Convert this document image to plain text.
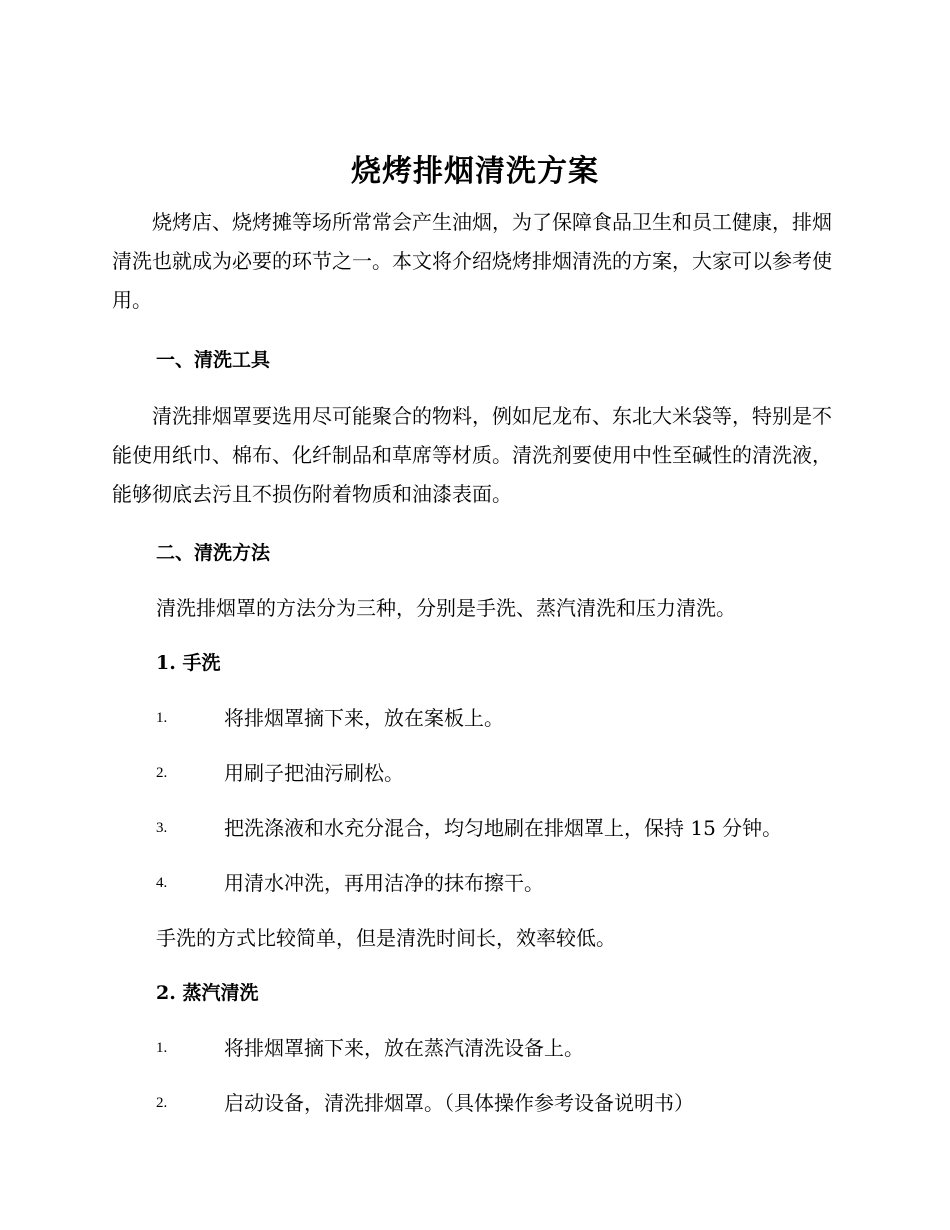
烧烤排烟清洗方案

烧烤店、烧烤摊等场所常常会产生油烟，为了保障食品卫生和员工健康，排烟清洗也就成为必要的环节之一。本文将介绍烧烤排烟清洗的方案，大家可以参考使用。

一、清洗工具

清洗排烟罩要选用尽可能聚合的物料，例如尼龙布、东北大米袋等，特别是不能使用纸巾、棉布、化纤制品和草席等材质。清洗剂要使用中性至碱性的清洗液，能够彻底去污且不损伤附着物质和油漆表面。

二、清洗方法
清洗排烟罩的方法分为三种，分别是手洗、蒸汽清洗和压力清洗。
1. 手洗
1.	将排烟罩摘下来，放在案板上。
2.	用刷子把油污刷松。
3.	把洗涤液和水充分混合，均匀地刷在排烟罩上，保持 15 分钟。
4.	用清水冲洗，再用洁净的抹布擦干。
手洗的方式比较简单，但是清洗时间长，效率较低。
2. 蒸汽清洗
1.	将排烟罩摘下来，放在蒸汽清洗设备上。
2.	启动设备，清洗排烟罩。（具体操作参考设备说明书）
